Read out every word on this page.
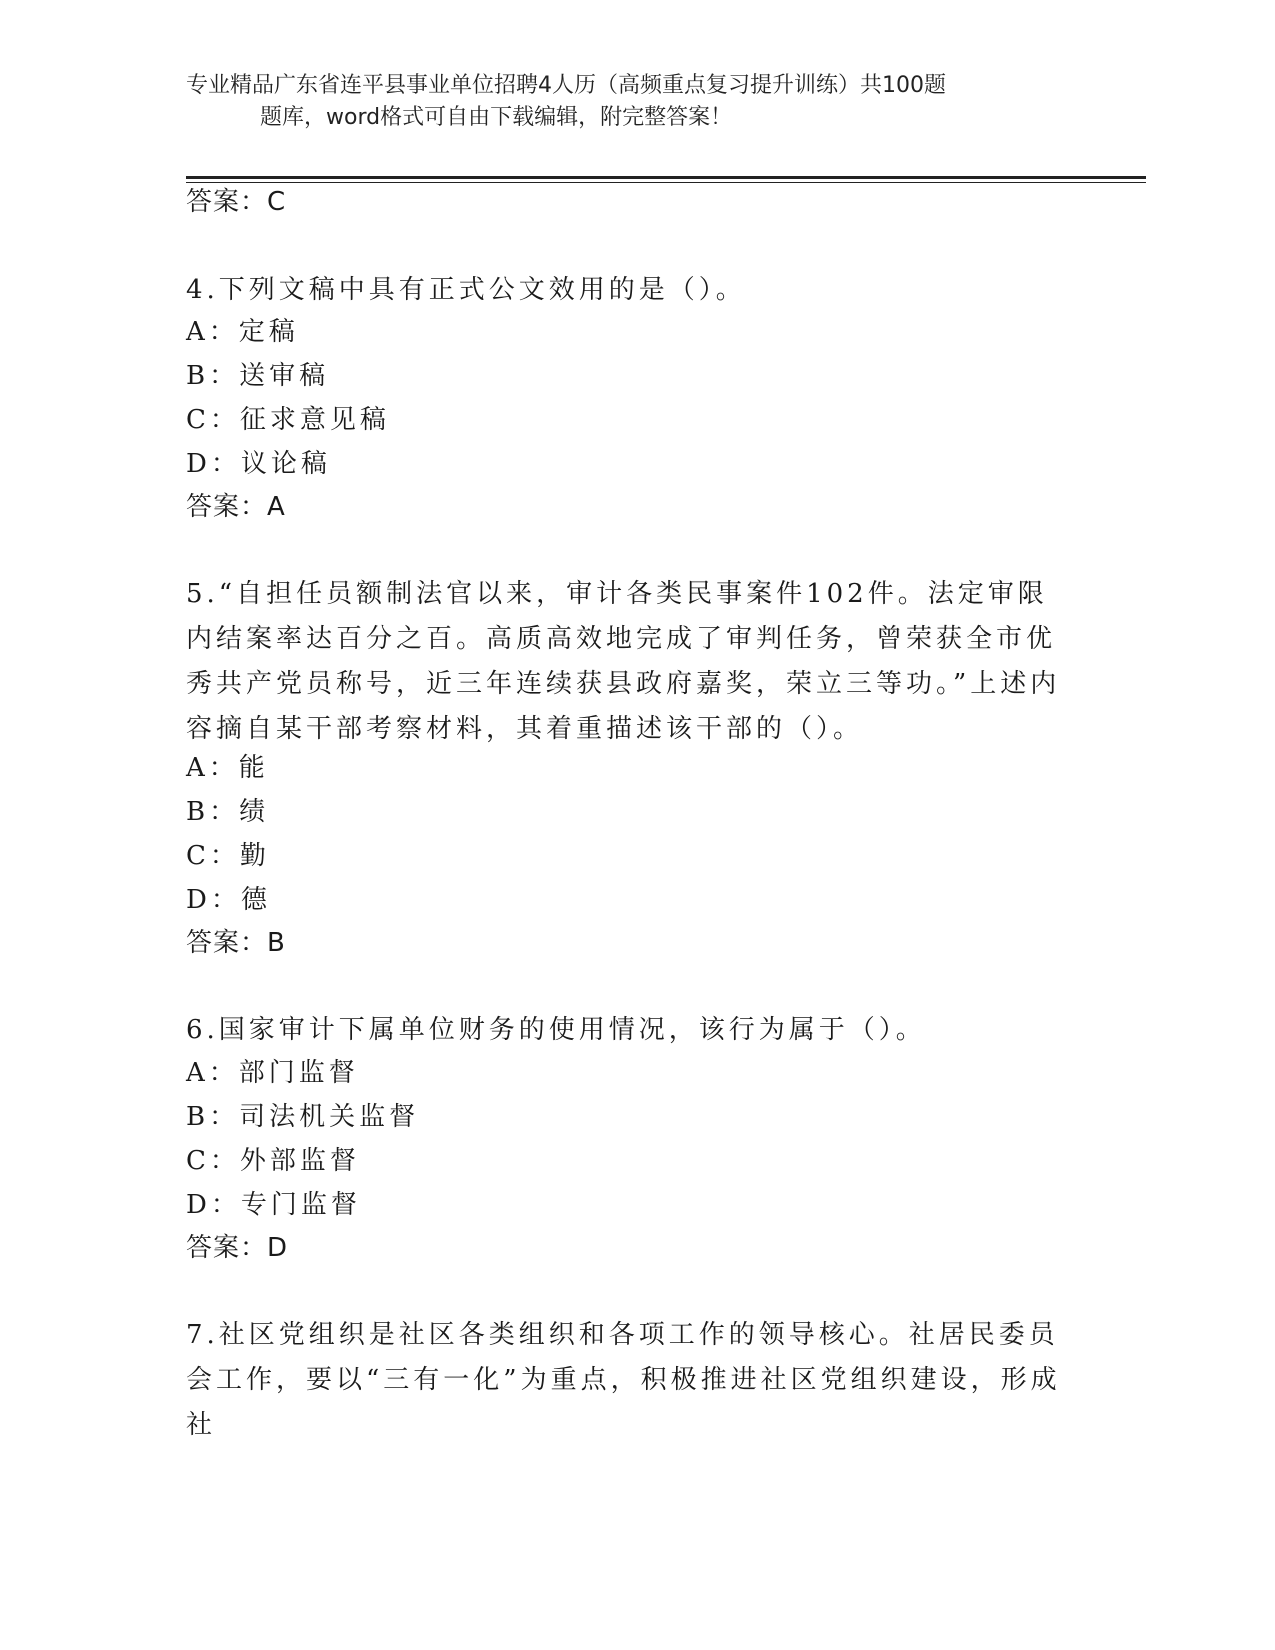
专业精品广东省连平县事业单位招聘4人历（高频重点复习提升训练）共100题
题库，word格式可自由下载编辑，附完整答案！
答案：C
4.下列文稿中具有正式公文效用的是（）。
A：定稿
B：送审稿
C：征求意见稿
D：议论稿
答案：A
5.“自担任员额制法官以来，审计各类民事案件102件。法定审限内结案率达百分之百。高质高效地完成了审判任务，曾荣获全市优秀共产党员称号，近三年连续获县政府嘉奖，荣立三等功。”上述内容摘自某干部考察材料，其着重描述该干部的（）。
A：能
B：绩
C：勤
D：德
答案：B
6.国家审计下属单位财务的使用情况，该行为属于（）。
A：部门监督
B：司法机关监督
C：外部监督
D：专门监督
答案：D
7.社区党组织是社区各类组织和各项工作的领导核心。社居民委员会工作，要以“三有一化”为重点，积极推进社区党组织建设，形成社
